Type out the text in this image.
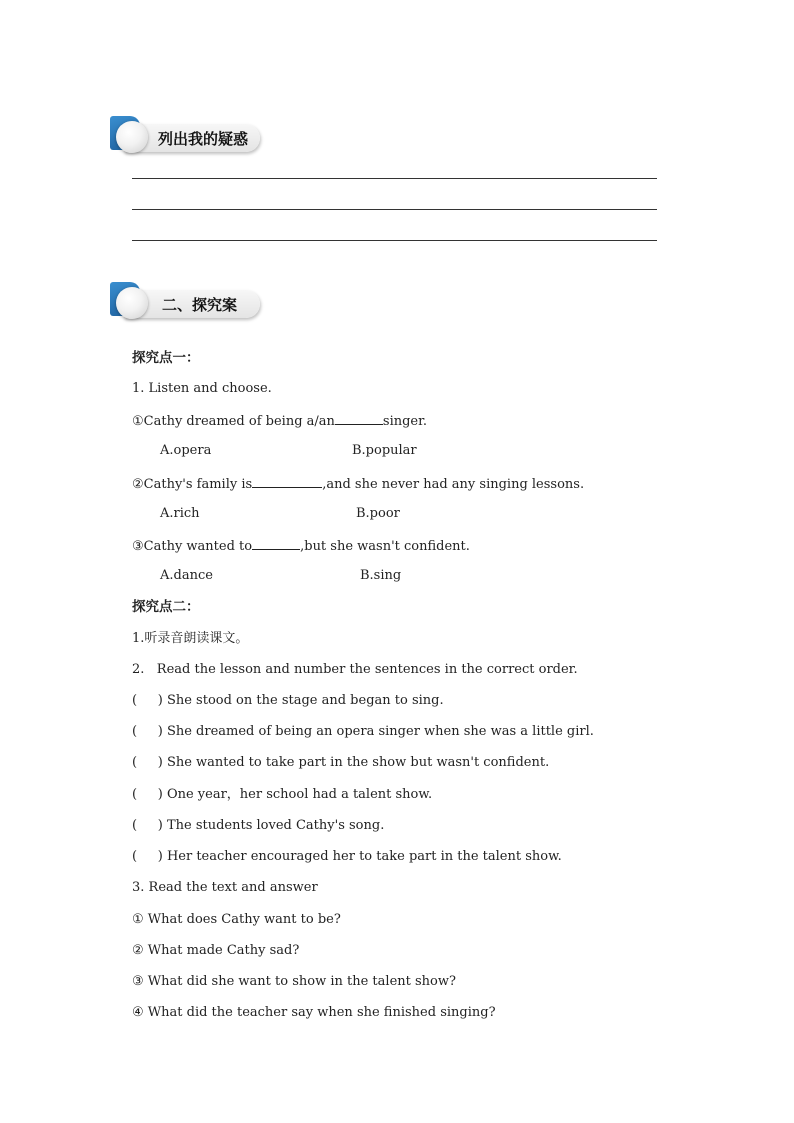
列出我的疑惑
二、探究案
探究点一：
1. Listen and choose.
①Cathy dreamed of being a/an	singer.
A.opera	B.popular
②Cathy's family is	,and she never had any singing lessons.
A.rich	B.poor
③Cathy wanted to	,but she wasn't confident.
A.dance	B.sing
探究点二：
1.听录音朗读课文。
2.   Read the lesson and number the sentences in the correct order.
(     ) She stood on the stage and began to sing.
(     ) She dreamed of being an opera singer when she was a little girl.
(     ) She wanted to take part in the show but wasn't confident.
(     ) One year，her school had a talent show.
(     ) The students loved Cathy's song.
(     ) Her teacher encouraged her to take part in the talent show.
3. Read the text and answer
① What does Cathy want to be?
② What made Cathy sad?
③ What did she want to show in the talent show?
④ What did the teacher say when she finished singing?
